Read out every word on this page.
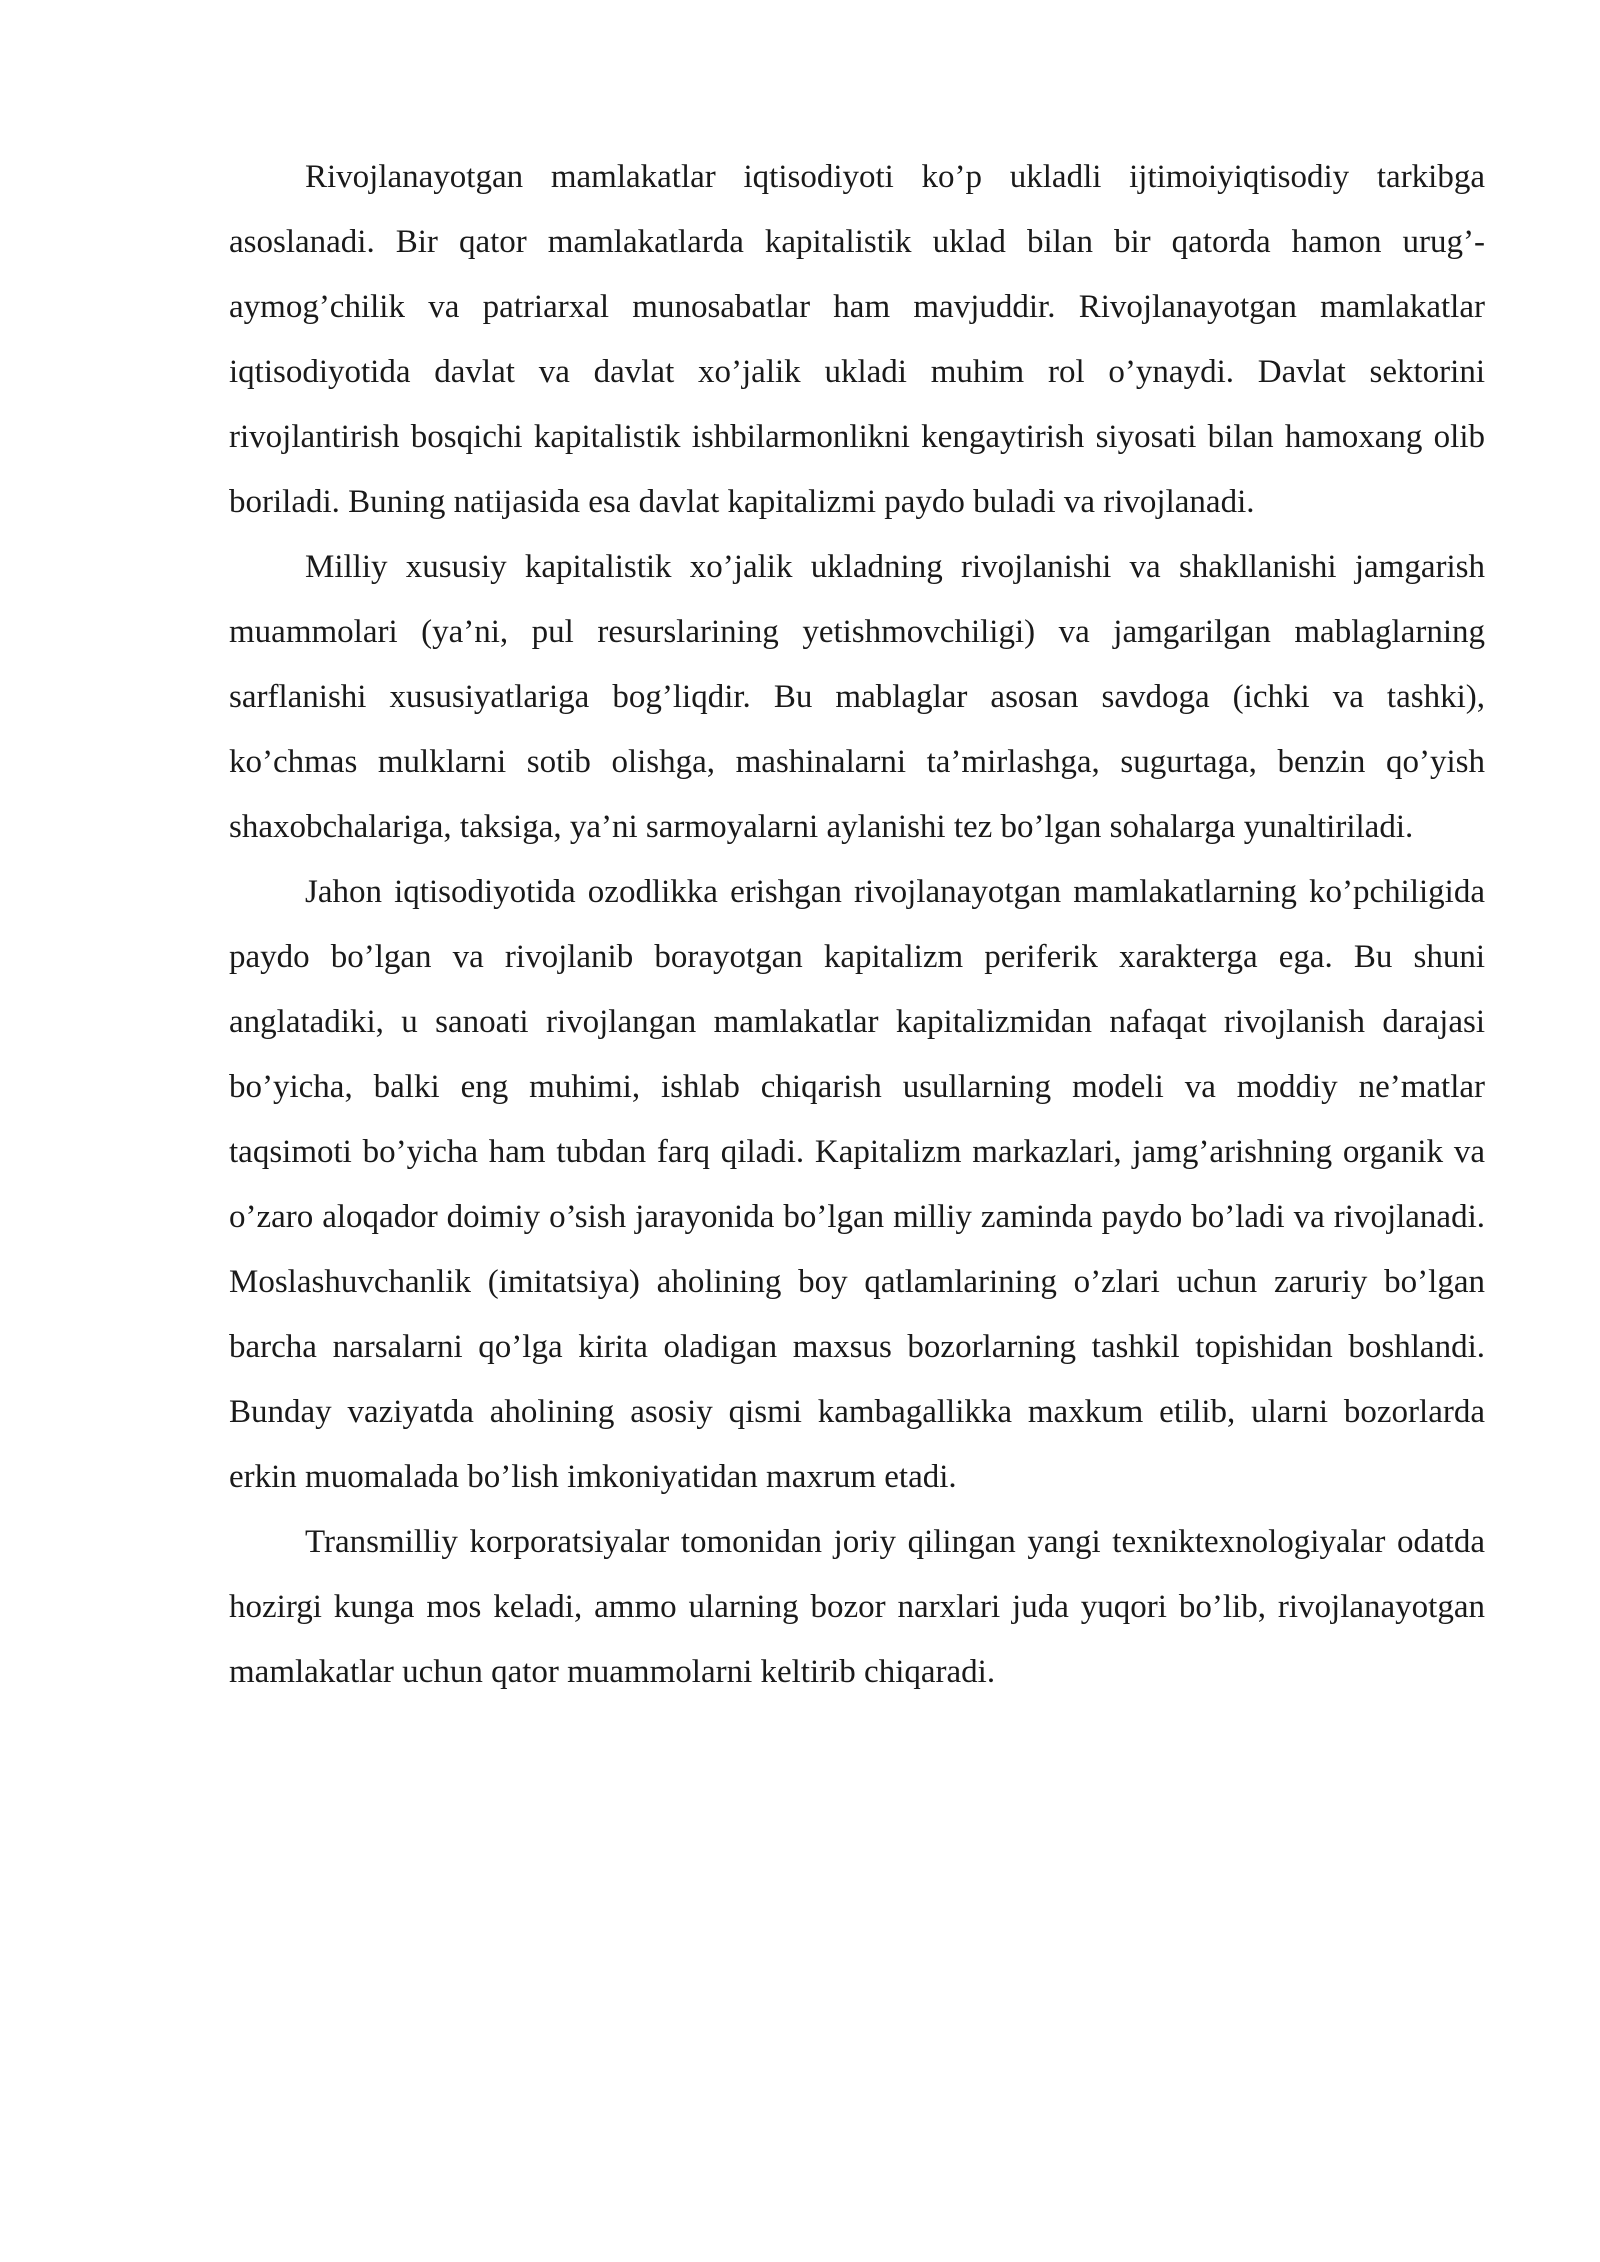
Rivojlanayotgan mamlakatlar iqtisodiyoti ko’p ukladli ijtimoiyiqtisodiy tarkibga asoslanadi. Bir qator mamlakatlarda kapitalistik uklad bilan bir qatorda hamon urug’-aymog’chilik va patriarxal munosabatlar ham mavjuddir. Rivojlanayotgan mamlakatlar iqtisodiyotida davlat va davlat xo’jalik ukladi muhim rol o’ynaydi. Davlat sektorini rivojlantirish bosqichi kapitalistik ishbilarmonlikni kengaytirish siyosati bilan hamoxang olib boriladi. Buning natijasida esa davlat kapitalizmi paydo buladi va rivojlanadi.

Milliy xususiy kapitalistik xo’jalik ukladning rivojlanishi va shakllanishi jamgarish muammolari (ya’ni, pul resurslarining yetishmovchiligi) va jamgarilgan mablaglarning sarflanishi xususiyatlariga bog’liqdir. Bu mablaglar asosan savdoga (ichki va tashki), ko’chmas mulklarni sotib olishga, mashinalarni ta’mirlashga, sugurtaga, benzin qo’yish shaxobchalariga, taksiga, ya’ni sarmoyalarni aylanishi tez bo’lgan sohalarga yunaltiriladi.

Jahon iqtisodiyotida ozodlikka erishgan rivojlanayotgan mamlakatlarning ko’pchiligida paydo bo’lgan va rivojlanib borayotgan kapitalizm periferik xarakterga ega. Bu shuni anglatadiki, u sanoati rivojlangan mamlakatlar kapitalizmidan nafaqat rivojlanish darajasi bo’yicha, balki eng muhimi, ishlab chiqarish usullarning modeli va moddiy ne’matlar taqsimoti bo’yicha ham tubdan farq qiladi. Kapitalizm markazlari, jamg’arishning organik va o’zaro aloqador doimiy o’sish jarayonida bo’lgan milliy zaminda paydo bo’ladi va rivojlanadi. Moslashuvchanlik (imitatsiya) aholining boy qatlamlarining o’zlari uchun zaruriy bo’lgan barcha narsalarni qo’lga kirita oladigan maxsus bozorlarning tashkil topishidan boshlandi. Bunday vaziyatda aholining asosiy qismi kambagallikka maxkum etilib, ularni bozorlarda erkin muomalada bo’lish imkoniyatidan maxrum etadi.

Transmilliy korporatsiyalar tomonidan joriy qilingan yangi texniktexnologiyalar odatda hozirgi kunga mos keladi, ammo ularning bozor narxlari juda yuqori bo’lib, rivojlanayotgan mamlakatlar uchun qator muammolarni keltirib chiqaradi.
